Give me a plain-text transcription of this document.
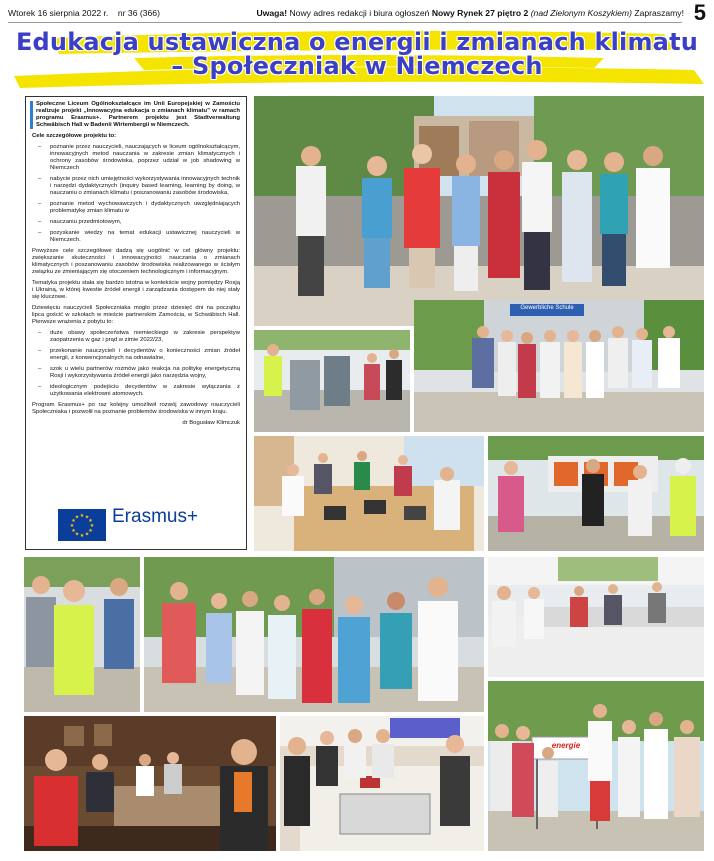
Wtorek 16 sierpnia 2022 r. nr 36 (366)	Uwaga! Nowy adres redakcji i biura ogłoszeń Nowy Rynek 27 piętro 2 (nad Zielonym Koszykiem) Zapraszamy! 5
Edukacja ustawiczna o energii i zmianach klimatu
– Społeczniak w Niemczech

Społeczne Liceum Ogólnokształcące im Unii Europejskiej w Zamościu realizuje projekt „Innowacyjna edukacja o zmianach klimatu” w ramach programu Erasmus+. Partnerem projektu jest Stadtverwaltung Schwäbisch Hall w Badenii Wirtembergii w Niemczech.

Cele szczegółowe projektu to:

– poznanie przez nauczycieli, nauczających w liceum ogólnokształcącym, innowacyjnych metod nauczania w zakresie zmian klimatycznych i ochrony zasobów środowiska, poprzez udział w job shadowing w Niemczech
– nabycie przez nich umiejętności wykorzystywania innowacyjnych technik i narzędzi dydaktycznych (inquiry based learning, learning by doing, w nauczaniu o zmianach klimatu i poszanowaniu zasobów środowiska,
– poznanie metod wychowawczych i dydaktycznych uwzględniających problematykę zmian klimatu w
– nauczaniu przedmiotowym,
– pozyskanie wiedzy na temat edukacji ustawicznej nauczycieli w Niemczech.

Powyższe cele szczegółowe dadzą się uogólnić w cel główny projektu: zwiększanie skuteczności i innowacyjności nauczania o zmianach klimatycznych i poszanowaniu zasobów środowiska realizowanego w ścisłym związku ze zmieniającym się otoczeniem technologicznym i informacyjnym.

Tematyka projektu stała się bardzo istotna w kontekście wojny pomiędzy Rosją i Ukrainą, w której kwestie źródeł energii i zarządzania dostępem do niej stały się kluczowe.

Dziewięciu nauczycieli Społeczniaka mogło przez dziesięć dni na początku lipca gościć w szkołach w mieście partnerskim Zamościa, w Schwäbisch Hall. Pierwsze wrażenia z pobytu to:

– duże obawy społeczeństwa niemieckiego w zakresie perspektyw zaopatrzenia w gaz i prąd w zimie 2022/23,
– przekonanie nauczycieli i decydentów o konieczności zmian źródeł energii, z konwencjonalnych na odnawialne,
– szok u wielu partnerów rozmów jako reakcja na politykę energetyczną Rosji i wykorzystywania źródeł energii jako narzędzia wojny,
– ideologicznym podejściu decydentów w zakresie wyłączania z użytkowania elektrowni atomowych.

Program Erasmus+ po raz kolejny umożliwił rozwój zawodowy nauczycieli Społeczniaka i pozwolił na poznanie problemów środowiska w innym kraju.

dr Bogusław Klimczuk

★ ★
★
★
★
★
★
★
★
★
★
★ Erasmus+
Gewerbliche Schule
energie
